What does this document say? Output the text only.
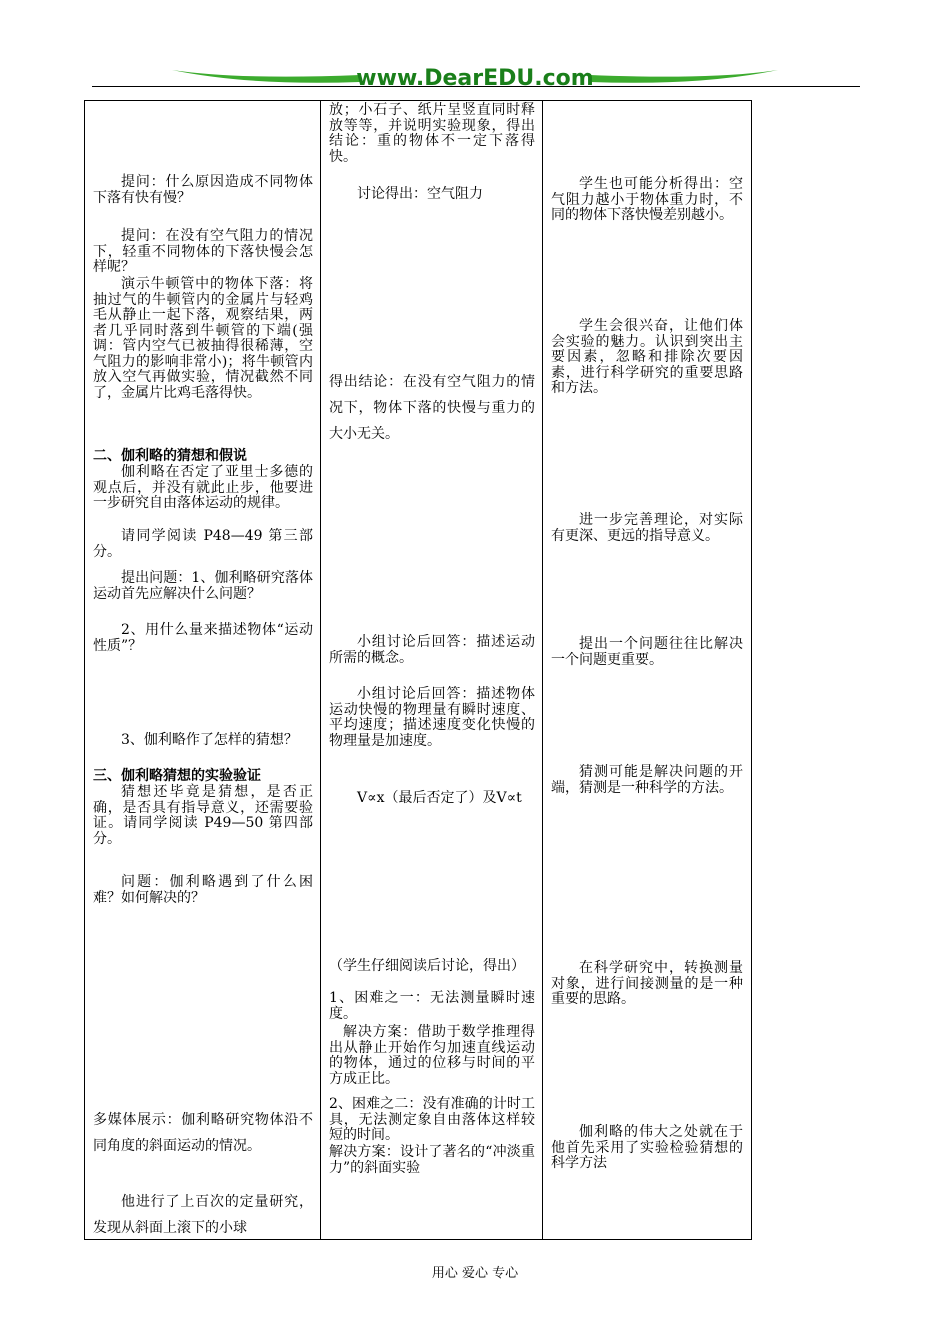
www.DearEDU.com

提问：什么原因造成不同物体下落有快有慢？

提问：在没有空气阻力的情况下，轻重不同物体的下落快慢会怎样呢？

演示牛顿管中的物体下落：将抽过气的牛顿管内的金属片与轻鸡毛从静止一起下落，观察结果，两者几乎同时落到牛顿管的下端(强调：管内空气已被抽得很稀薄，空气阻力的影响非常小)；将牛顿管内放入空气再做实验，情况截然不同了，金属片比鸡毛落得快。

二、伽利略的猜想和假说

伽利略在否定了亚里士多德的观点后，并没有就此止步，他要进一步研究自由落体运动的规律。

请同学阅读 P48—49 第三部分。

提出问题：1、伽利略研究落体运动首先应解决什么问题？

2、用什么量来描述物体“运动性质”？

3、伽利略作了怎样的猜想？

三、伽利略猜想的实验验证

猜想还毕竟是猜想，是否正确，是否具有指导意义，还需要验证。请同学阅读 P49—50 第四部分。

问题：伽利略遇到了什么困难？如何解决的？

多媒体展示：伽利略研究物体沿不同角度的斜面运动的情况。

他进行了上百次的定量研究，发现从斜面上滚下的小球

放；小石子、纸片呈竖直同时释放等等，并说明实验现象，得出结论：重的物体不一定下落得快。

讨论得出：空气阻力

得出结论：在没有空气阻力的情况下，物体下落的快慢与重力的大小无关。

小组讨论后回答：描述运动所需的概念。

小组讨论后回答：描述物体运动快慢的物理量有瞬时速度、平均速度；描述速度变化快慢的物理量是加速度。

V∝x（最后否定了）及V∝t

（学生仔细阅读后讨论，得出）

1、困难之一：无法测量瞬时速度。

解决方案：借助于数学推理得出从静止开始作匀加速直线运动的物体，通过的位移与时间的平方成正比。

2、困难之二：没有准确的计时工具，无法测定象自由落体这样较短的时间。

解决方案：设计了著名的“冲淡重力”的斜面实验

学生也可能分析得出：空气阻力越小于物体重力时，不同的物体下落快慢差别越小。

学生会很兴奋，让他们体会实验的魅力。认识到突出主要因素，忽略和排除次要因素，进行科学研究的重要思路和方法。

进一步完善理论，对实际有更深、更远的指导意义。

提出一个问题往往比解决一个问题更重要。

猜测可能是解决问题的开端，猜测是一种科学的方法。

在科学研究中，转换测量对象，进行间接测量的是一种重要的思路。

伽利略的伟大之处就在于他首先采用了实验检验猜想的科学方法

用心 爱心 专心
